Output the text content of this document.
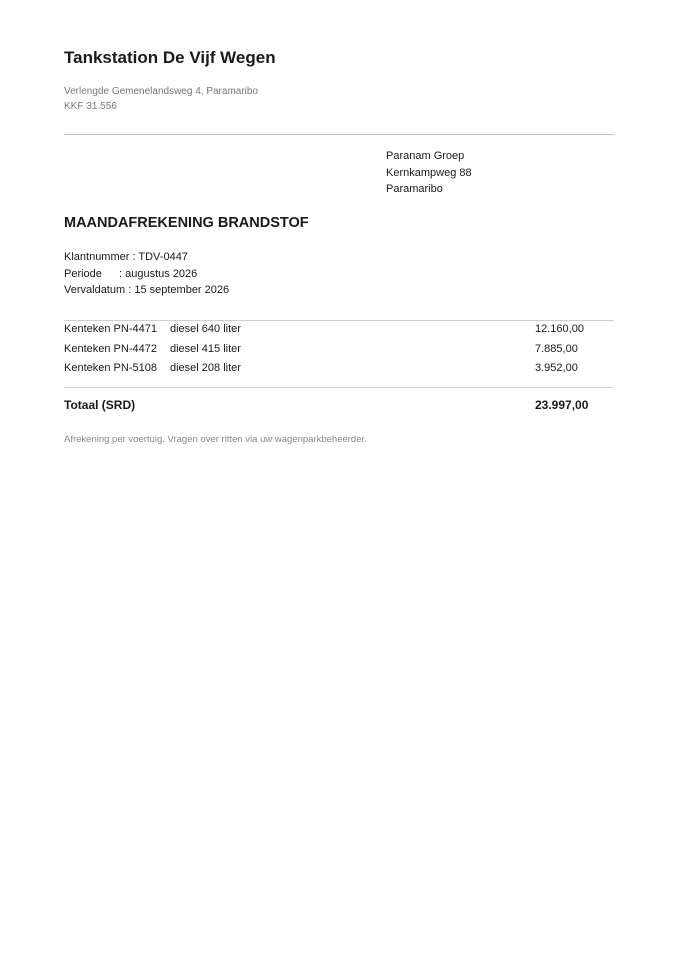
Tankstation De Vijf Wegen
Verlengde Gemenelandsweg 4, Paramaribo
KKF 31.556
Paranam Groep
Kernkampweg 88
Paramaribo
MAANDAFREKENING BRANDSTOF
Klantnummer : TDV-0447
Periode : augustus 2026
Vervaldatum : 15 september 2026
Kenteken PN-4471 diesel 640 liter	12.160,00
Kenteken PN-4472 diesel 415 liter	7.885,00
Kenteken PN-5108 diesel 208 liter	3.952,00
Totaal (SRD)	23.997,00
Afrekening per voertuig. Vragen over ritten via uw wagenparkbeheerder.
